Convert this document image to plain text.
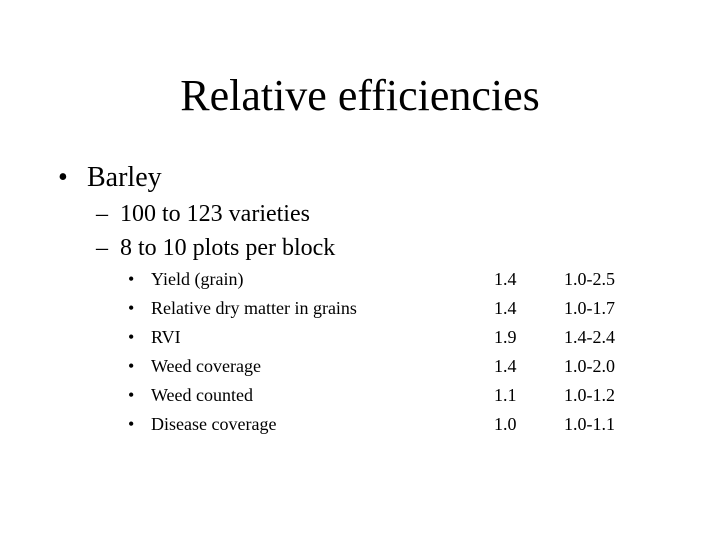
Relative efficiencies
• Barley
– 100 to 123 varieties
– 8 to 10 plots per block
• Yield (grain)	1.4	1.0-2.5
• Relative dry matter in grains	1.4	1.0-1.7
• RVI	1.9	1.4-2.4
• Weed coverage	1.4	1.0-2.0
• Weed counted	1.1	1.0-1.2
• Disease coverage	1.0	1.0-1.1
